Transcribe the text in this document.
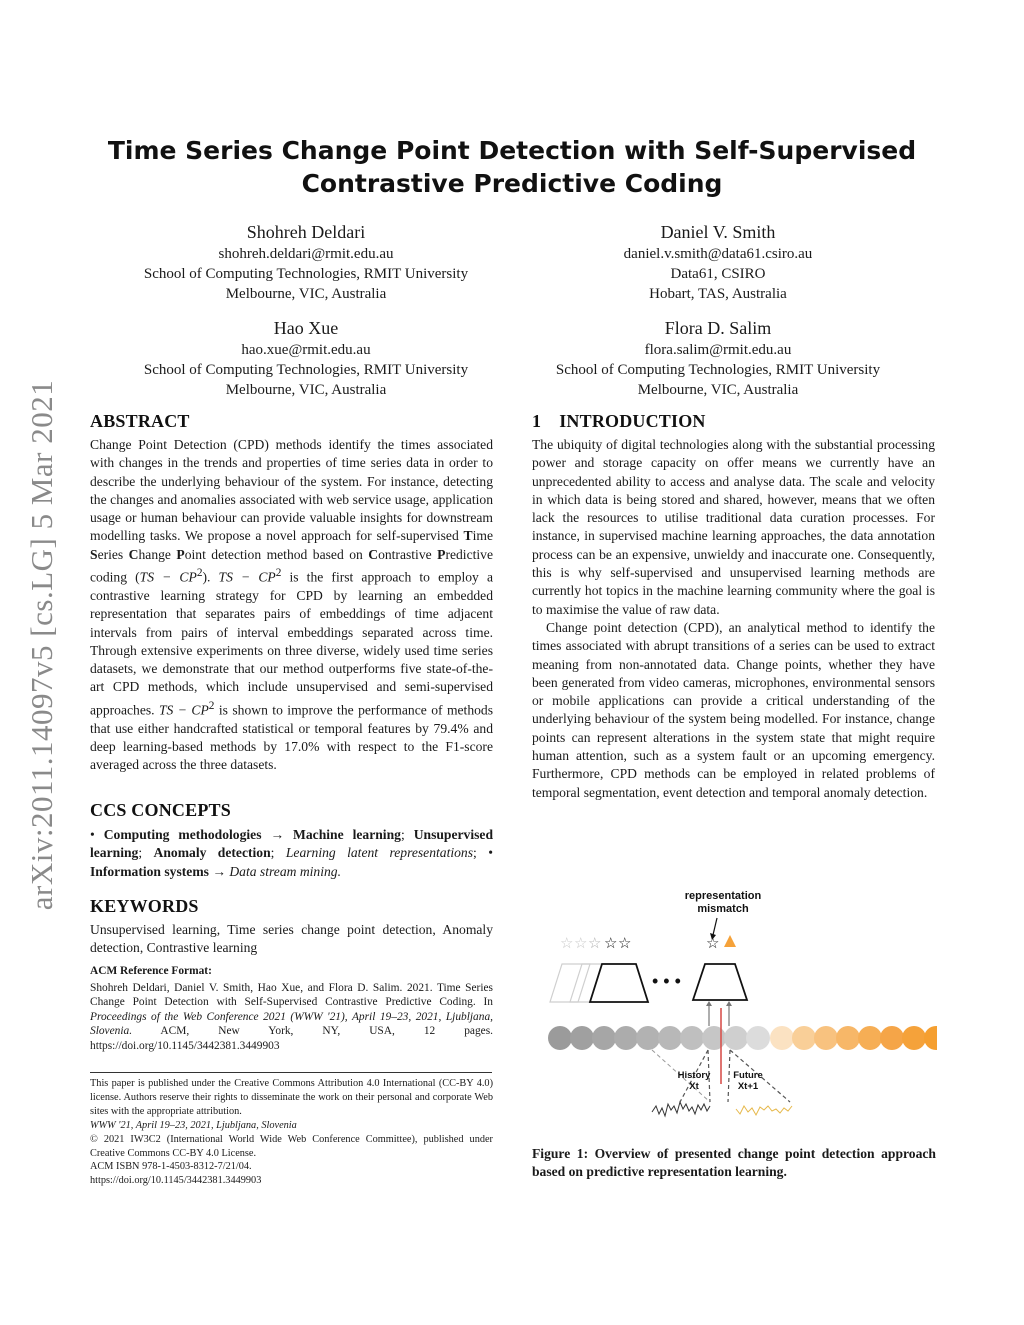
arXiv:2011.14097v5 [cs.LG] 5 Mar 2021
Time Series Change Point Detection with Self-Supervised
Contrastive Predictive Coding
Shohreh Deldari
shohreh.deldari@rmit.edu.au
School of Computing Technologies, RMIT University
Melbourne, VIC, Australia
Daniel V. Smith
daniel.v.smith@data61.csiro.au
Data61, CSIRO
Hobart, TAS, Australia
Hao Xue
hao.xue@rmit.edu.au
School of Computing Technologies, RMIT University
Melbourne, VIC, Australia
Flora D. Salim
flora.salim@rmit.edu.au
School of Computing Technologies, RMIT University
Melbourne, VIC, Australia
ABSTRACT

Change Point Detection (CPD) methods identify the times associated with changes in the trends and properties of time series data in order to describe the underlying behaviour of the system. For instance, detecting the changes and anomalies associated with web service usage, application usage or human behaviour can provide valuable insights for downstream modelling tasks. We propose a novel approach for self-supervised Time Series Change Point detection method based on Contrastive Predictive coding $(TS - CP^2)$. TS − $CP^2$ is the first approach to employ a contrastive learning strategy for CPD by learning an embedded representation that separates pairs of embeddings of time adjacent intervals from pairs of interval embeddings separated across time. Through extensive experiments on three diverse, widely used time series datasets, we demonstrate that our method outperforms five state-of-the-art CPD methods, which include unsupervised and semi-supervised approaches. TS − $CP^2$ is shown to improve the performance of methods that use either handcrafted statistical or temporal features by 79.4% and deep learning-based methods by 17.0% with respect to the F1-score averaged across the three datasets.

CCS CONCEPTS

• Computing methodologies → Machine learning; Unsupervised learning; Anomaly detection; Learning latent representations; • Information systems → Data stream mining.

KEYWORDS

Unsupervised learning, Time series change point detection, Anomaly detection, Contrastive learning

ACM Reference Format:

Shohreh Deldari, Daniel V. Smith, Hao Xue, and Flora D. Salim. 2021. Time Series Change Point Detection with Self-Supervised Contrastive Predictive Coding. In Proceedings of the Web Conference 2021 (WWW '21), April 19–23, 2021, Ljubljana, Slovenia. ACM, New York, NY, USA, 12 pages. https://doi.org/10.1145/3442381.3449903

This paper is published under the Creative Commons Attribution 4.0 International (CC-BY 4.0) license. Authors reserve their rights to disseminate the work on their personal and corporate Web sites with the appropriate attribution.

WWW '21, April 19–23, 2021, Ljubljana, Slovenia

© 2021 IW3C2 (International World Wide Web Conference Committee), published under Creative Commons CC-BY 4.0 License.

ACM ISBN 978-1-4503-8312-7/21/04.

https://doi.org/10.1145/3442381.3449903

1 INTRODUCTION

The ubiquity of digital technologies along with the substantial processing power and storage capacity on offer means we currently have an unprecedented ability to access and analyse data. The scale and velocity in which data is being stored and shared, however, means that we often lack the resources to utilise traditional data curation processes. For instance, in supervised machine learning approaches, the data annotation process can be an expensive, unwieldy and inaccurate one. Consequently, this is why self-supervised and unsupervised learning methods are currently hot topics in the machine learning community where the goal is to maximise the value of raw data.

Change point detection (CPD), an analytical method to identify the times associated with abrupt transitions of a series can be used to extract meaning from non-annotated data. Change points, whether they have been generated from video cameras, microphones, environmental sensors or mobile applications can provide a critical understanding of the underlying behaviour of the system being modelled. For instance, change points can represent alterations in the system state that might require human attention, such as a system fault or an upcoming emergency. Furthermore, CPD methods can be employed in related problems of temporal segmentation, event detection and temporal anomaly detection.

representation
mismatch
☆ ☆ ☆ ☆ ☆	☆
• • •
History
Xt
Future
Xt+1

Figure 1: Overview of presented change point detection approach based on predictive representation learning.
